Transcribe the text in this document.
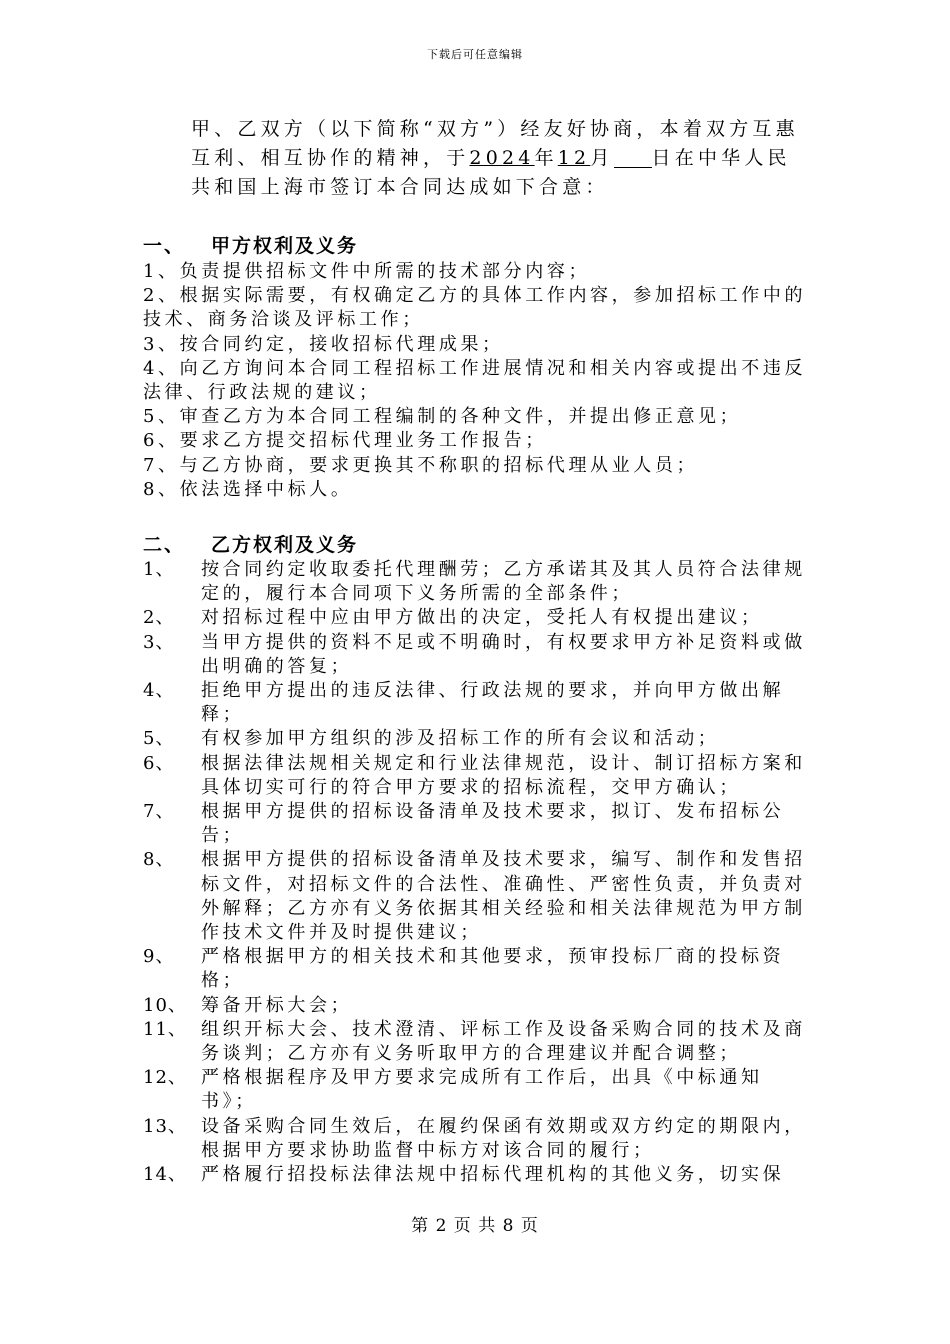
下载后可任意编辑

甲、乙双方（以下简称“双方”）经友好协商，本着双方互惠互利、相互协作的精神，于2024年12月 日在中华人民共和国上海市签订本合同达成如下合意：

一、 甲方权利及义务
1、负责提供招标文件中所需的技术部分内容；
2、根据实际需要，有权确定乙方的具体工作内容，参加招标工作中的技术、商务洽谈及评标工作；
3、按合同约定，接收招标代理成果；
4、向乙方询问本合同工程招标工作进展情况和相关内容或提出不违反法律、行政法规的建议；
5、审查乙方为本合同工程编制的各种文件，并提出修正意见；
6、要求乙方提交招标代理业务工作报告；
7、与乙方协商，要求更换其不称职的招标代理从业人员；
8、依法选择中标人。
二、 乙方权利及义务
1、	按合同约定收取委托代理酬劳；乙方承诺其及其人员符合法律规定的，履行本合同项下义务所需的全部条件；
2、	对招标过程中应由甲方做出的决定，受托人有权提出建议；
3、	当甲方提供的资料不足或不明确时，有权要求甲方补足资料或做出明确的答复；
4、	拒绝甲方提出的违反法律、行政法规的要求，并向甲方做出解释；
5、	有权参加甲方组织的涉及招标工作的所有会议和活动；
6、	根据法律法规相关规定和行业法律规范，设计、制订招标方案和具体切实可行的符合甲方要求的招标流程，交甲方确认；
7、	根据甲方提供的招标设备清单及技术要求，拟订、发布招标公告；
8、	根据甲方提供的招标设备清单及技术要求，编写、制作和发售招标文件，对招标文件的合法性、准确性、严密性负责，并负责对外解释；乙方亦有义务依据其相关经验和相关法律规范为甲方制作技术文件并及时提供建议；
9、	严格根据甲方的相关技术和其他要求，预审投标厂商的投标资格；
10、 筹备开标大会；
11、 组织开标大会、技术澄清、评标工作及设备采购合同的技术及商务谈判；乙方亦有义务听取甲方的合理建议并配合调整；
12、 严格根据程序及甲方要求完成所有工作后，出具《中标通知书》；
13、 设备采购合同生效后，在履约保函有效期或双方约定的期限内，根据甲方要求协助监督中标方对该合同的履行；
14、 严格履行招投标法律法规中招标代理机构的其他义务，切实保
第 2 页 共 8 页
